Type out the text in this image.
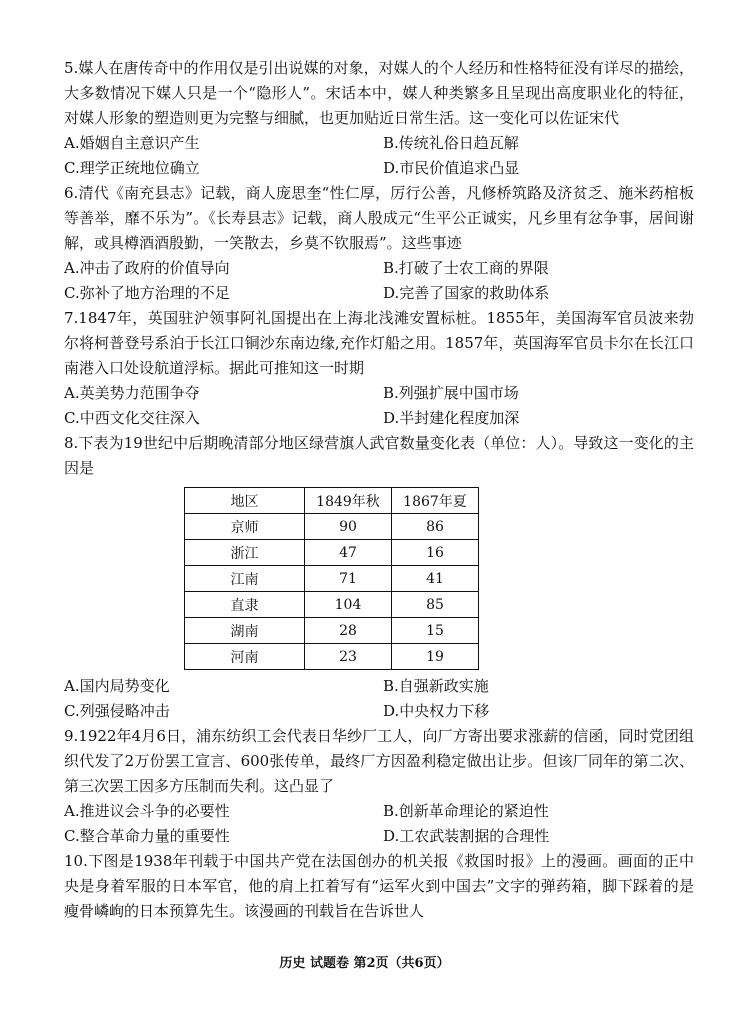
5.媒人在唐传奇中的作用仅是引出说媒的对象，对媒人的个人经历和性格特征没有详尽的描绘，大多数情况下媒人只是一个“隐形人”。宋话本中，媒人种类繁多且呈现出高度职业化的特征，对媒人形象的塑造则更为完整与细腻，也更加贴近日常生活。这一变化可以佐证宋代

A.婚姻自主意识产生	B.传统礼俗日趋瓦解
C.理学正统地位确立	D.市民价值追求凸显

6.清代《南充县志》记载，商人庞思奎“性仁厚，厉行公善，凡修桥筑路及济贫乏、施米药棺板等善举，靡不乐为”。《长寿县志》记载，商人殷成元“生平公正诚实，凡乡里有忿争事，居间谢解，或具樽酒酒殷勤，一笑散去，乡莫不钦服焉”。这些事迹

A.冲击了政府的价值导向	B.打破了士农工商的界限
C.弥补了地方治理的不足	D.完善了国家的救助体系

7.1847年，英国驻沪领事阿礼国提出在上海北浅滩安置标桩。1855年，美国海军官员波来勃尔将柯普登号系泊于长江口铜沙东南边缘,充作灯船之用。1857年，英国海军官员卡尔在长江口南港入口处设航道浮标。据此可推知这一时期

A.英美势力范围争夺	B.列强扩展中国市场
C.中西文化交往深入	D.半封建化程度加深

8.下表为19世纪中后期晚清部分地区绿营旗人武官数量变化表（单位：人）。导致这一变化的主因是

地区	1849年秋	1867年夏
京师	90	86
浙江	47	16
江南	71	41
直隶	104	85
湖南	28	15
河南	23	19
A.国内局势变化	B.自强新政实施
C.列强侵略冲击	D.中央权力下移

9.1922年4月6日，浦东纺织工会代表日华纱厂工人，向厂方寄出要求涨薪的信函，同时党团组织代发了2万份罢工宣言、600张传单，最终厂方因盈利稳定做出让步。但该厂同年的第二次、第三次罢工因多方压制而失利。这凸显了

A.推进议会斗争的必要性	B.创新革命理论的紧迫性
C.整合革命力量的重要性	D.工农武装割据的合理性

10.下图是1938年刊载于中国共产党在法国创办的机关报《救国时报》上的漫画。画面的正中央是身着军服的日本军官，他的肩上扛着写有“运军火到中国去”文字的弹药箱，脚下踩着的是瘦骨嶙峋的日本预算先生。该漫画的刊载旨在告诉世人

历史 试题卷 第2页（共6页）
